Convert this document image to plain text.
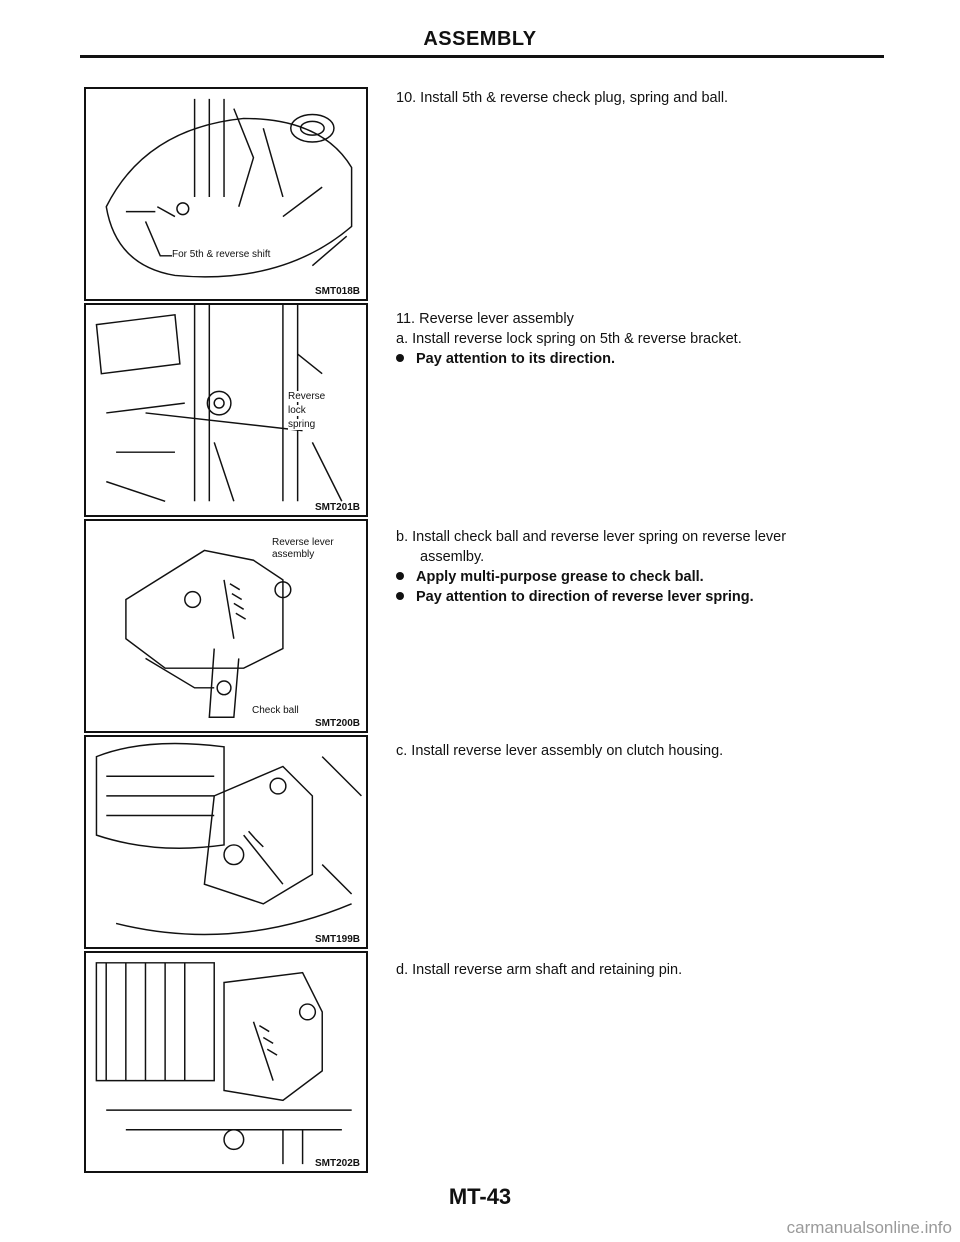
ASSEMBLY
For 5th & reverse shift
SMT018B
Reverse
lock
spring
SMT201B
Reverse lever
assembly
Check ball
SMT200B
SMT199B
SMT202B
10. Install 5th & reverse check plug, spring and ball.
11. Reverse lever assembly
a. Install reverse lock spring on 5th & reverse bracket.
Pay attention to its direction.
b. Install check ball and reverse lever spring on reverse lever
assemlby.
Apply multi-purpose grease to check ball.
Pay attention to direction of reverse lever spring.
c. Install reverse lever assembly on clutch housing.
d. Install reverse arm shaft and retaining pin.
MT-43
carmanualsonline.info
